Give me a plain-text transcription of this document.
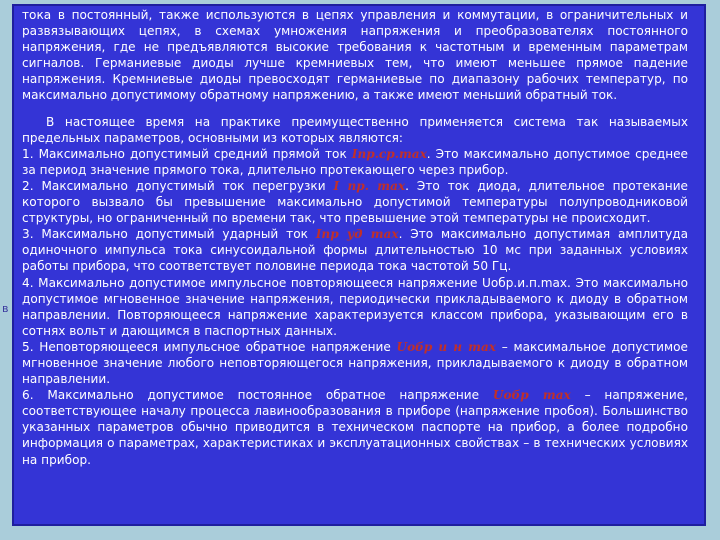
в

тока в постоянный, также используются в цепях управления и коммутации, в ограничительных и развязывающих цепях, в схемах умножения напряжения и преобразователях постоянного напряжения, где не предъявляются высокие требования к частотным и временным параметрам сигналов. Германиевые диоды лучше кремниевых тем, что имеют меньшее прямое падение напряжения. Кремниевые диоды превосходят германиевые по диапазону рабочих температур, по максимально допустимому обратному напряжению, а также имеют меньший обратный ток.

В настоящее время на практике преимущественно применяется система так называемых предельных параметров, основными из которых являются:

1. Максимально допустимый средний прямой ток Iпр.ср.max. Это максимально допустимое среднее за период значение прямого тока, длительно протекающего через прибор.

2. Максимально допустимый ток перегрузки I пр. max. Это ток диода, длительное протекание которого вызвало бы превышение максимально допустимой температуры полупроводниковой структуры, но ограниченный по времени так, что превышение этой температуры не происходит.

3. Максимально допустимый ударный ток Iпр уд max. Это максимально допустимая амплитуда одиночного импульса тока синусоидальной формы длительностью 10 мс при заданных условиях работы прибора, что соответствует половине периода тока частотой 50 Гц.

4. Максимально допустимое импульсное повторяющееся напряжение Uобр.и.п.max. Это максимально допустимое мгновенное значение напряжения, периодически прикладываемого к диоду в обратном направлении. Повторяющееся напряжение характеризуется классом прибора, указывающим его в сотнях вольт и дающимся в паспортных данных.

5. Неповторяющееся импульсное обратное напряжение Uобр и н max – максимальное допустимое мгновенное значение любого неповторяющегося напряжения, прикладываемого к диоду в обратном направлении.

6. Максимально допустимое постоянное обратное напряжение Uобр max – напряжение, соответствующее началу процесса лавинообразования в приборе (напряжение пробоя). Большинство указанных параметров обычно приводится в техническом паспорте на прибор, а более подробно информация о параметрах, характеристиках и эксплуатационных свойствах – в технических условиях на прибор.
